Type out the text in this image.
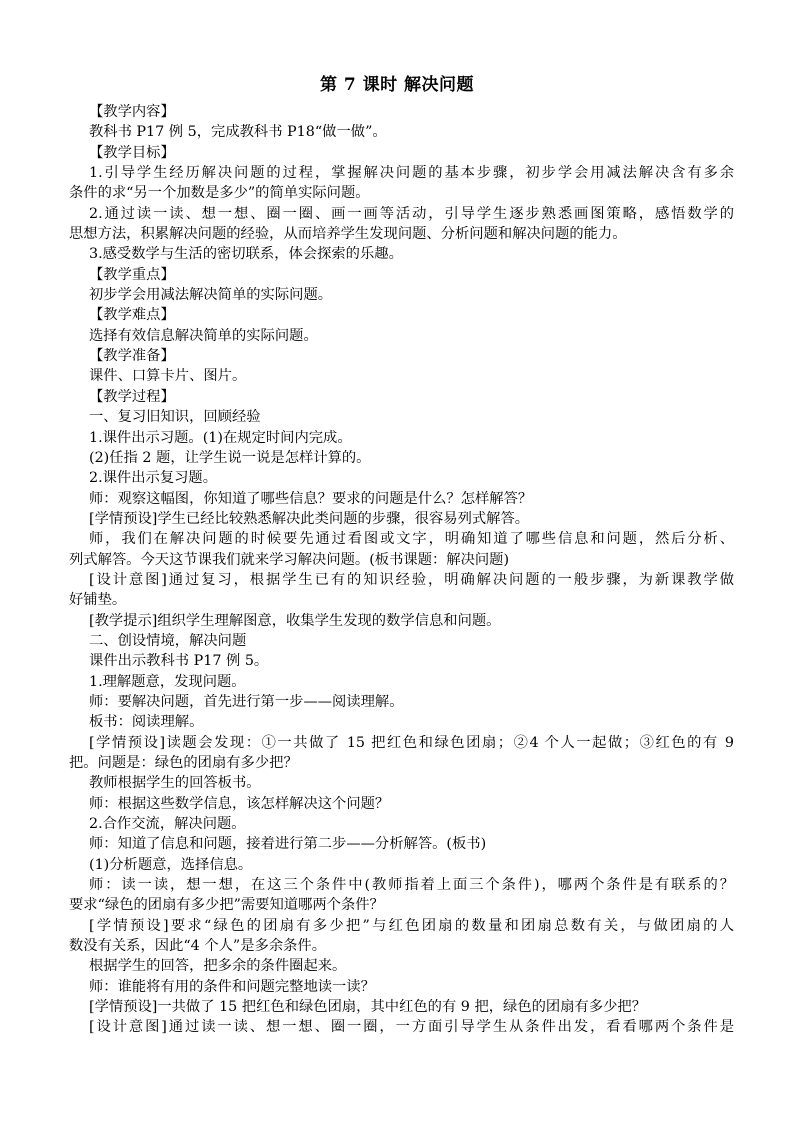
第 7 课时 解决问题
【教学内容】
教科书 P17 例 5，完成教科书 P18“做一做”。
【教学目标】
1.引导学生经历解决问题的过程，掌握解决问题的基本步骤，初步学会用减法解决含有多余
条件的求“另一个加数是多少”的简单实际问题。
2.通过读一读、想一想、圈一圈、画一画等活动，引导学生逐步熟悉画图策略，感悟数学的
思想方法，积累解决问题的经验，从而培养学生发现问题、分析问题和解决问题的能力。
3.感受数学与生活的密切联系，体会探索的乐趣。
【教学重点】
初步学会用减法解决简单的实际问题。
【教学难点】
选择有效信息解决简单的实际问题。
【教学准备】
课件、口算卡片、图片。
【教学过程】
一、复习旧知识，回顾经验
1.课件出示习题。(1)在规定时间内完成。
(2)任指 2 题，让学生说一说是怎样计算的。
2.课件出示复习题。
师：观察这幅图，你知道了哪些信息？要求的问题是什么？怎样解答？
[学情预设]学生已经比较熟悉解决此类问题的步骤，很容易列式解答。
师，我们在解决问题的时候要先通过看图或文字，明确知道了哪些信息和问题，然后分析、
列式解答。今天这节课我们就来学习解决问题。(板书课题：解决问题)
[设计意图]通过复习，根据学生已有的知识经验，明确解决问题的一般步骤，为新课教学做
好铺垫。
[教学提示]组织学生理解图意，收集学生发现的数学信息和问题。
二、创设情境，解决问题
课件出示教科书 P17 例 5。
1.理解题意，发现问题。
师：要解决问题，首先进行第一步——阅读理解。
板书：阅读理解。
[学情预设]读题会发现：①一共做了 15 把红色和绿色团扇；②4 个人一起做；③红色的有 9
把。问题是：绿色的团扇有多少把？
教师根据学生的回答板书。
师：根据这些数学信息，该怎样解决这个问题？
2.合作交流，解决问题。
师：知道了信息和问题，接着进行第二步——分析解答。(板书)
(1)分析题意，选择信息。
师：读一读，想一想，在这三个条件中(教师指着上面三个条件)，哪两个条件是有联系的？
要求“绿色的团扇有多少把”需要知道哪两个条件？
[学情预设]要求“绿色的团扇有多少把”与红色团扇的数量和团扇总数有关，与做团扇的人
数没有关系，因此“4 个人”是多余条件。
根据学生的回答，把多余的条件圈起来。
师：谁能将有用的条件和问题完整地读一读？
[学情预设]一共做了 15 把红色和绿色团扇，其中红色的有 9 把，绿色的团扇有多少把？
[设计意图]通过读一读、想一想、圈一圈，一方面引导学生从条件出发，看看哪两个条件是
